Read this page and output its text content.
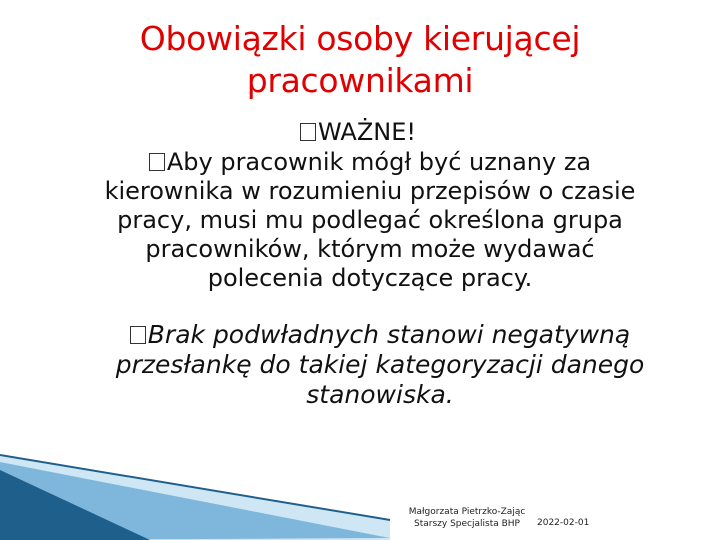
Obowiązki osoby kierującej
pracownikami
WAŻNE!
Aby pracownik mógł być uznany za
kierownika w rozumieniu przepisów o czasie
pracy, musi mu podlegać określona grupa
pracowników, którym może wydawać
polecenia dotyczące pracy.
Brak podwładnych stanowi negatywną
przesłankę do takiej kategoryzacji danego
stanowiska.
Małgorzata Pietrzko-Zając
Starszy Specjalista BHP	2022-02-01
